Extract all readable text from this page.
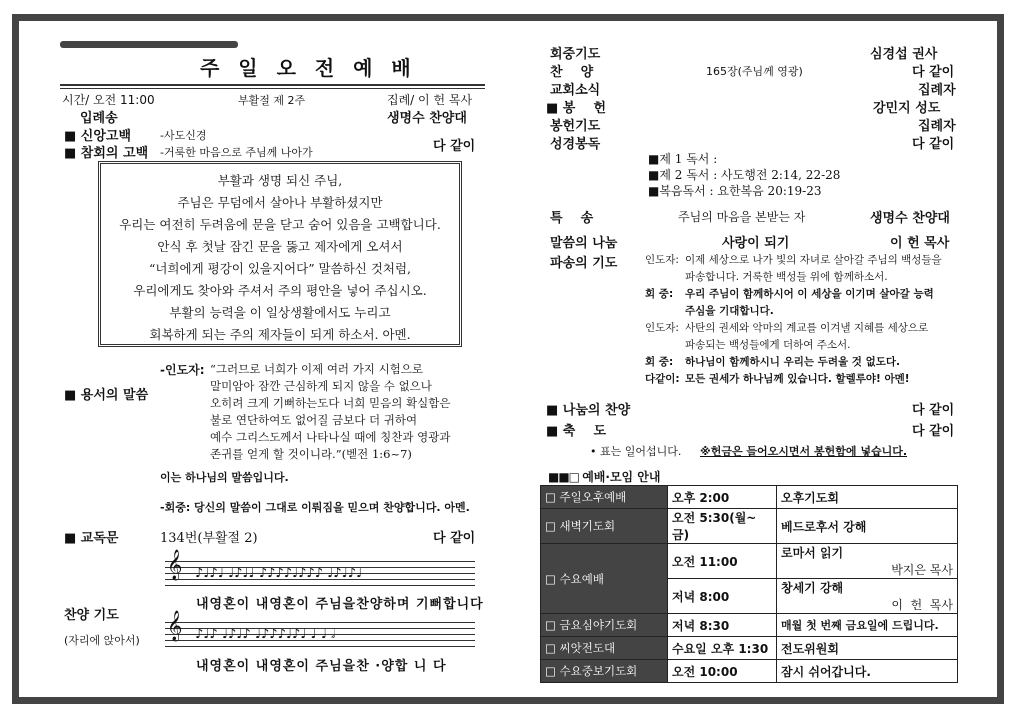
주 일 오 전 예 배
시간/ 오전 11:00	부활절 제 2주	집례/ 이 헌 목사
입례송	생명수 찬양대
■ 신앙고백	-사도신경
■ 참회의 고백 -거룩한 마음으로 주님께 나아가	다 같이
부활과 생명 되신 주님,
주님은 무덤에서 살아나 부활하셨지만
우리는 여전히 두려움에 문을 닫고 숨어 있음을 고백합니다.
안식 후 첫날 잠긴 문을 뚫고 제자에게 오셔서
“너희에게 평강이 있을지어다” 말씀하신 것처럼,
우리에게도 찾아와 주셔서 주의 평안을 넣어 주십시오.
부활의 능력을 이 일상생활에서도 누리고
회복하게 되는 주의 제자들이 되게 하소서. 아멘.
■ 용서의 말씀
-인도자: “그러므로 너희가 이제 여러 가지 시험으로
말미암아 잠깐 근심하게 되지 않을 수 없으나
오히려 크게 기뻐하는도다 너희 믿음의 확실함은
불로 연단하여도 없어질 금보다 더 귀하여
예수 그리스도께서 나타나실 때에 칭찬과 영광과
존귀를 얻게 할 것이니라.”(벧전 1:6~7)
이는 하나님의 말씀입니다.
-회중: 당신의 말씀이 그대로 이뤄짐을 믿으며 찬양합니다. 아멘.
■ 교독문	134번(부활절 2)	다 같이
찬양 기도
(자리에 앉아서)
𝄞 ♪♩♪♩ ♩♪♩♩ ♪♪♪♪♩♪♪♪ ♩♪♩♪♩
내영혼이 내영혼이 주님을찬양하며 기뻐합니다
𝄞 ♪♩♪ ♩♪♩♪ ♩♪♪♪♩♪♩ ♩ ♩ 𝅗𝅥
내영혼이 내영혼이 주님을찬 ·양합 니 다
회중기도	심경섭 권사
찬    양	165장(주님께 영광)	다 같이
교회소식	집례자
■ 봉    헌	강민지 성도
봉헌기도	집례자
성경봉독	다 같이
■제 1 독서 :
■제 2 독서 : 사도행전 2:14, 22-28
■복음독서 : 요한복음 20:19-23
특    송	주님의 마음을 본받는 자	생명수 찬양대
말씀의 나눔	사랑이 되기	이 헌 목사
파송의 기도	인도자: 이제 세상으로 나가 빛의 자녀로 살아갈 주님의 백성들을
파송합니다. 거룩한 백성들 위에 함께하소서.
회 중: 우리 주님이 함께하시어 이 세상을 이기며 살아갈 능력
주심을 기대합니다.
인도자: 사탄의 권세와 악마의 계교를 이겨낼 지혜를 세상으로
파송되는 백성들에게 더하여 주소서.
회 중: 하나님이 함께하시니 우리는 두려울 것 없도다.
다같이: 모든 권세가 하나님께 있습니다. 할렐루야! 아멘!
■ 나눔의 찬양	다 같이
■ 축    도	다 같이
• 표는 일어섭니다. ※헌금은 들어오시면서 봉헌함에 넣습니다.
■■□ 예배·모임 안내
□ 주일오후예배	오후 2:00	오후기도회
□ 새벽기도회	오전 5:30(월~금)	베드로후서 강해
□ 수요예배	오전 11:00	로마서 읽기
박지은 목사

	저녁 8:00	창세기 강해
이  헌  목사

□ 금요심야기도회	저녁 8:30	매월 첫 번째 금요일에 드립니다.
□ 씨앗전도대	수요일 오후 1:30	전도위원회
□ 수요중보기도회	오전 10:00	잠시 쉬어갑니다.
